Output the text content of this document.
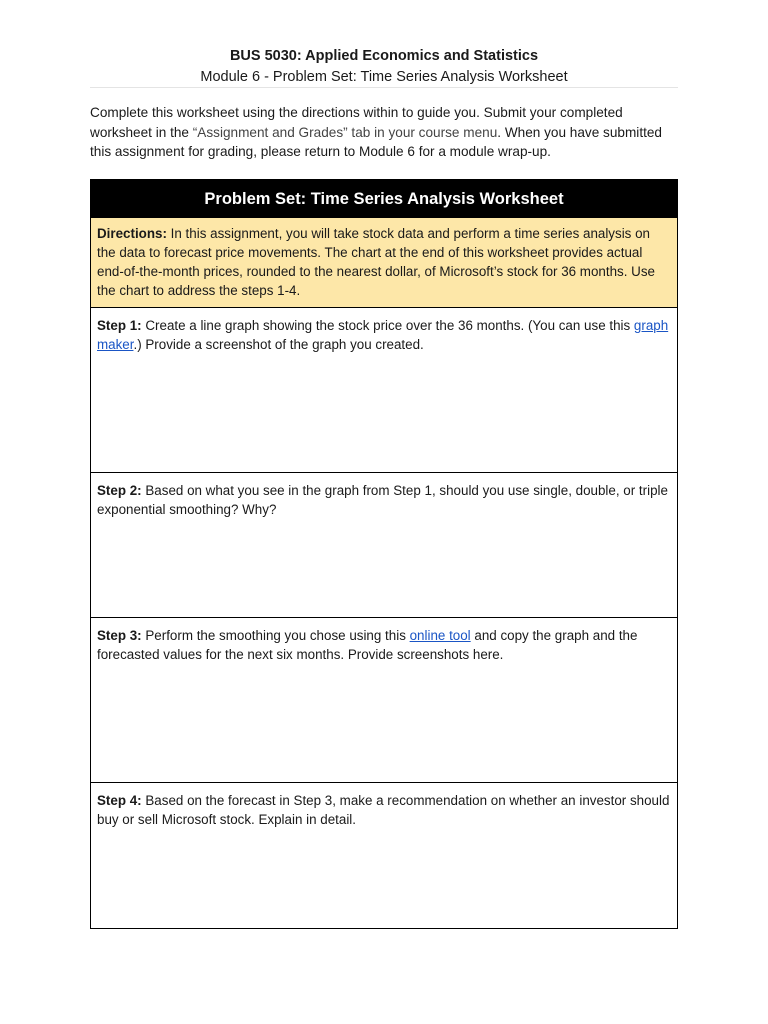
BUS 5030: Applied Economics and Statistics
Module 6 - Problem Set: Time Series Analysis Worksheet
Complete this worksheet using the directions within to guide you. Submit your completed worksheet in the “Assignment and Grades” tab in your course menu. When you have submitted this assignment for grading, please return to Module 6 for a module wrap-up.
Problem Set: Time Series Analysis Worksheet
Directions: In this assignment, you will take stock data and perform a time series analysis on the data to forecast price movements. The chart at the end of this worksheet provides actual end-of-the-month prices, rounded to the nearest dollar, of Microsoft’s stock for 36 months. Use the chart to address the steps 1-4.
Step 1: Create a line graph showing the stock price over the 36 months. (You can use this graph maker.) Provide a screenshot of the graph you created.
Step 2: Based on what you see in the graph from Step 1, should you use single, double, or triple exponential smoothing? Why?
Step 3: Perform the smoothing you chose using this online tool and copy the graph and the forecasted values for the next six months. Provide screenshots here.
Step 4: Based on the forecast in Step 3, make a recommendation on whether an investor should buy or sell Microsoft stock. Explain in detail.
